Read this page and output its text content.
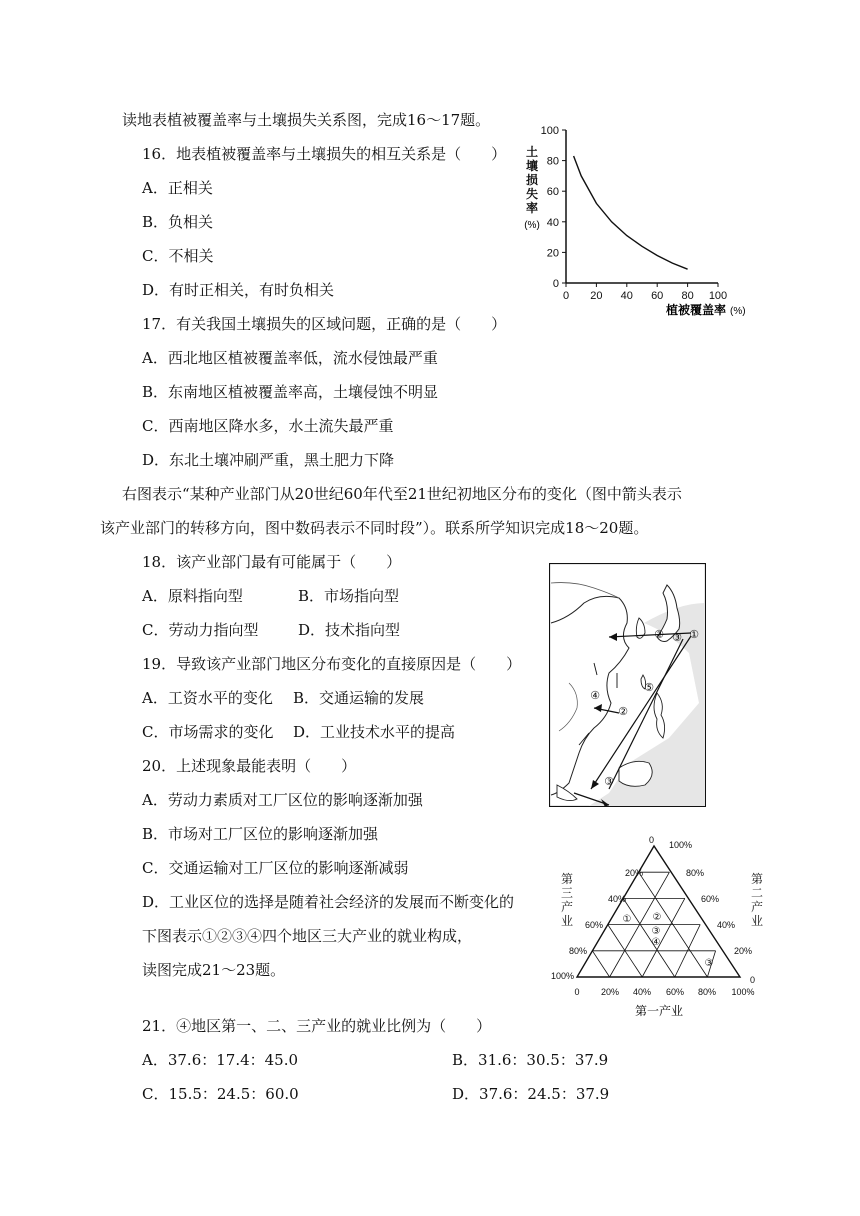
读地表植被覆盖率与土壤损失关系图，完成16～17题。
16．地表植被覆盖率与土壤损失的相互关系是（　　）
A．正相关
B．负相关
C．不相关
D．有时正相关，有时负相关
17．有关我国土壤损失的区域问题，正确的是（　　）
A．西北地区植被覆盖率低，流水侵蚀最严重
B．东南地区植被覆盖率高，土壤侵蚀不明显
C．西南地区降水多，水土流失最严重
D．东北土壤冲刷严重，黑土肥力下降
右图表示“某种产业部门从20世纪60年代至21世纪初地区分布的变化（图中箭头表示
该产业部门的转移方向，图中数码表示不同时段”）。联系所学知识完成18～20题。
18．该产业部门最有可能属于（　　）
A．原料指向型	B．市场指向型
C．劳动力指向型	D．技术指向型
19．导致该产业部门地区分布变化的直接原因是（　　）
A．工资水平的变化 B．交通运输的发展
C．市场需求的变化 D．工业技术水平的提高
20．上述现象最能表明（　　）
A．劳动力素质对工厂区位的影响逐渐加强
B．市场对工厂区位的影响逐渐加强
C．交通运输对工厂区位的影响逐渐减弱
D．工业区位的选择是随着社会经济的发展而不断变化的
下图表示①②③④四个地区三大产业的就业构成，
读图完成21～23题。
21．④地区第一、二、三产业的就业比例为（　　）
A．37.6：17.4：45.0	B．31.6：30.5：37.9
C．15.5：24.5：60.0	D．37.6：24.5：37.9
土
壤
损
失
率
(%)
0
20
40
60
80
100
0 20 40 60 80 100
植被覆盖率 (%)
①
② ③
④
⑤
②
③
0 100%
80%
60%
40%
20%
0
20%
40%
60%
80%
100%
0 20% 40% 60% 80% 100%
第
三
产
业
第
二
产
业
第一产业
① ②
③
④
③
